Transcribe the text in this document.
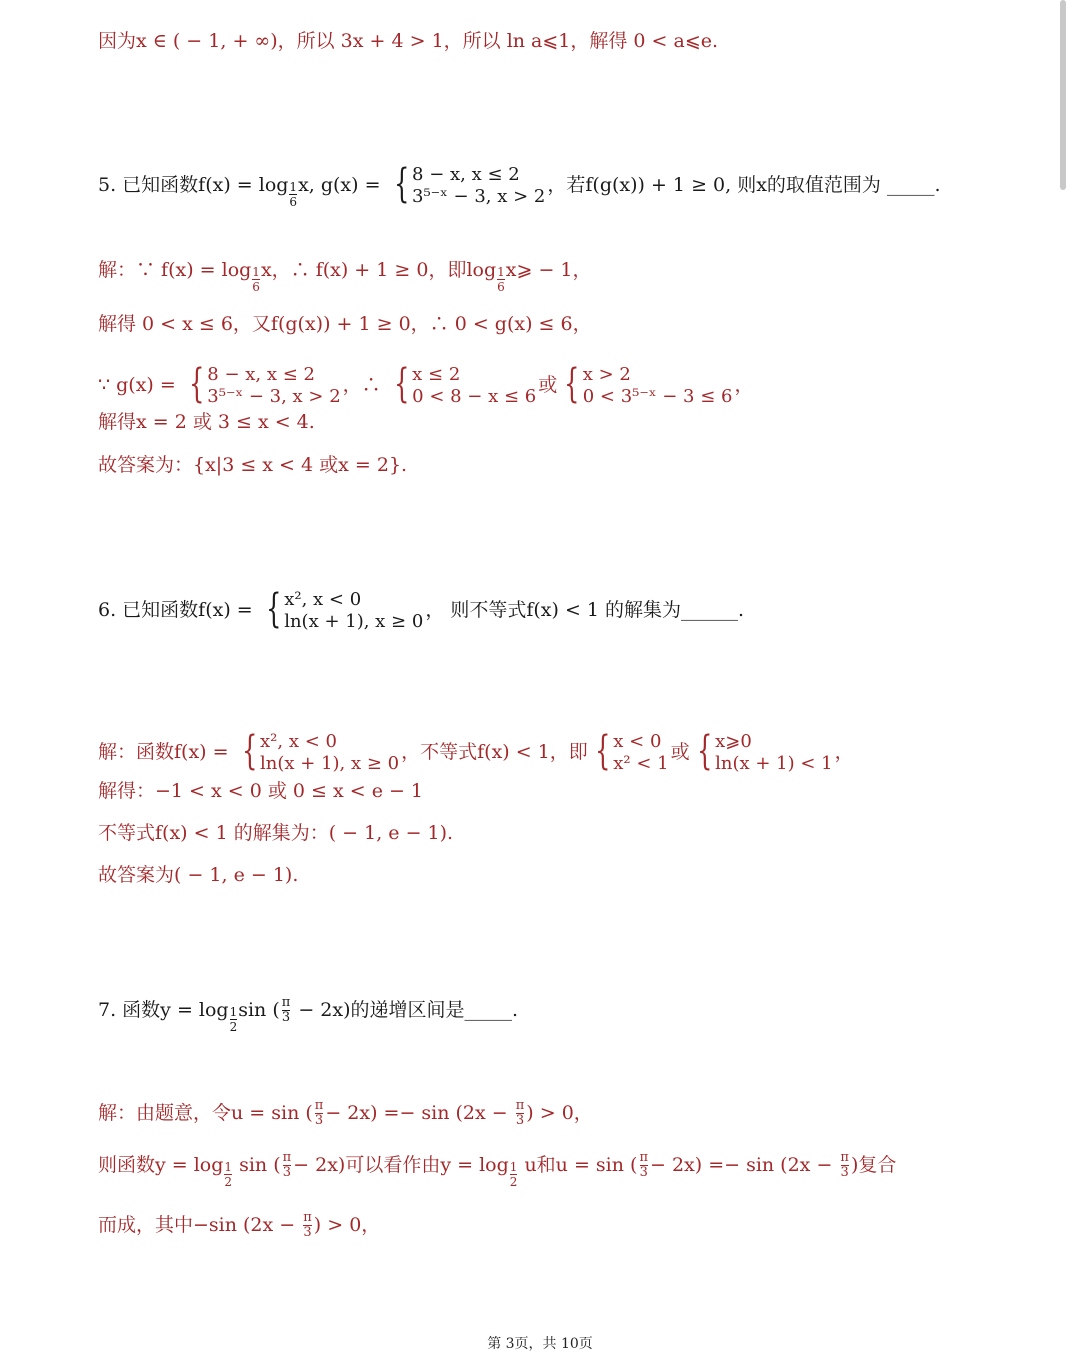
因为x ∈ ( − 1, + ∞)，所以 3x + 4 > 1，所以 ln a⩽1，解得 0 < a⩽e.
5. 已知函数$f(x) = \log \frac{1}{6} x$, g(x) = { 8 − x, x ≤ 2
3⁵⁻ˣ − 3, x > 2 ，若f(g(x)) + 1 ≥ 0, 则x的取值范围为 _____.
解：∵ $f(x) = \log \frac{1}{6}$ x，∴ f(x) + 1 ≥ 0，即$\log \frac{1}{6}$ x⩾ − 1，
解得 0 < x ≤ 6，又f(g(x)) + 1 ≥ 0，∴ 0 < g(x) ≤ 6，
∵ g(x) = { 8 − x, x ≤ 2
3⁵⁻ˣ − 3, x > 2 ，∴ { x ≤ 2
0 < 8 − x ≤ 6 或 { x > 2
0 < 3⁵⁻ˣ − 3 ≤ 6 ，
解得x = 2 或 3 ≤ x < 4.
故答案为：{x|3 ≤ x < 4 或x = 2}.
6. 已知函数f(x) = { x², x < 0
ln(x + 1), x ≥ 0 ， 则不等式f(x) < 1 的解集为______.
解：函数f(x) = { x², x < 0
ln(x + 1), x ≥ 0 ，不等式f(x) < 1，即 { x < 0
x² < 1 或 { x⩾0
ln(x + 1) < 1 ，
解得：−1 < x < 0 或 0 ≤ x < e − 1
不等式f(x) < 1 的解集为：( − 1, e − 1).
故答案为( − 1, e − 1).
7. 函数$y = \log \frac{1}{2}$ sin ( $\frac{\pi}{3} - 2x$)的递增区间是_____.
解：由题意，令u = sin ( $\frac{\pi}{3} - 2x) =- \sin (2x - \frac{\pi}{3}$ ) > 0，
则函数$y = \log \frac{1}{2}$ sin ( $\frac{\pi}{3} - 2x$)可以看作由$y = \log \frac{1}{2}$ u和u = sin ( $\frac{\pi}{3} - 2x) =- \sin (2x - \frac{\pi}{3}$ )复合
而成，其中−sin ($2x - \frac{\pi}{3}$ ) > 0，
第 3页，共 10页
